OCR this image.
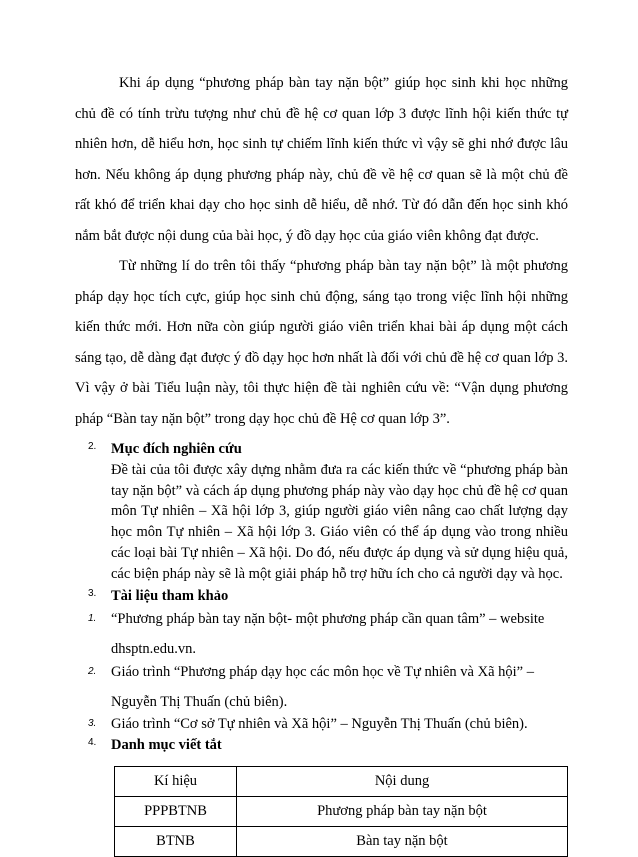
Khi áp dụng “phương pháp bàn tay nặn bột” giúp học sinh khi học những chủ đề có tính trừu tượng như chủ đề hệ cơ quan lớp 3 được lĩnh hội kiến thức tự nhiên hơn, dễ hiểu hơn, học sinh tự chiếm lĩnh kiến thức vì vậy sẽ ghi nhớ được lâu hơn. Nếu không áp dụng phương pháp này, chủ đề về hệ cơ quan sẽ là một chủ đề rất khó để triển khai dạy cho học sinh dễ hiểu, dễ nhớ. Từ đó dẫn đến học sinh khó nắm bắt được nội dung của bài học, ý đồ dạy học của giáo viên không đạt được.

Từ những lí do trên tôi thấy “phương pháp bàn tay nặn bột” là một phương pháp dạy học tích cực, giúp học sinh chủ động, sáng tạo trong việc lĩnh hội những kiến thức mới. Hơn nữa còn giúp người giáo viên triển khai bài áp dụng một cách sáng tạo, dễ dàng đạt được ý đồ dạy học hơn nhất là đối với chủ đề hệ cơ quan lớp 3. Vì vậy ở bài Tiểu luận này, tôi thực hiện đề tài nghiên cứu về: “Vận dụng phương pháp “Bàn tay nặn bột” trong dạy học chủ đề Hệ cơ quan lớp 3”.

2. Mục đích nghiên cứu

Đề tài của tôi được xây dựng nhằm đưa ra các kiến thức về “phương pháp bàn tay nặn bột” và cách áp dụng phương pháp này vào dạy học chủ đề hệ cơ quan môn Tự nhiên – Xã hội lớp 3, giúp người giáo viên nâng cao chất lượng dạy học môn Tự nhiên – Xã hội lớp 3. Giáo viên có thể áp dụng vào trong nhiều các loại bài Tự nhiên – Xã hội. Do đó, nếu được áp dụng và sử dụng hiệu quả, các biện pháp này sẽ là một giải pháp hỗ trợ hữu ích cho cả người dạy và học.

3. Tài liệu tham khảo
1. “Phương pháp bàn tay nặn bột- một phương pháp cần quan tâm” – website
dhsptn.edu.vn.
2. Giáo trình “Phương pháp dạy học các môn học về Tự nhiên và Xã hội” –
Nguyễn Thị Thuấn (chủ biên).
3. Giáo trình “Cơ sở Tự nhiên và Xã hội” – Nguyễn Thị Thuấn (chủ biên).
4. Danh mục viết tắt
Kí hiệu	Nội dung
PPPBTNB	Phương pháp bàn tay nặn bột
BTNB	Bàn tay nặn bột
